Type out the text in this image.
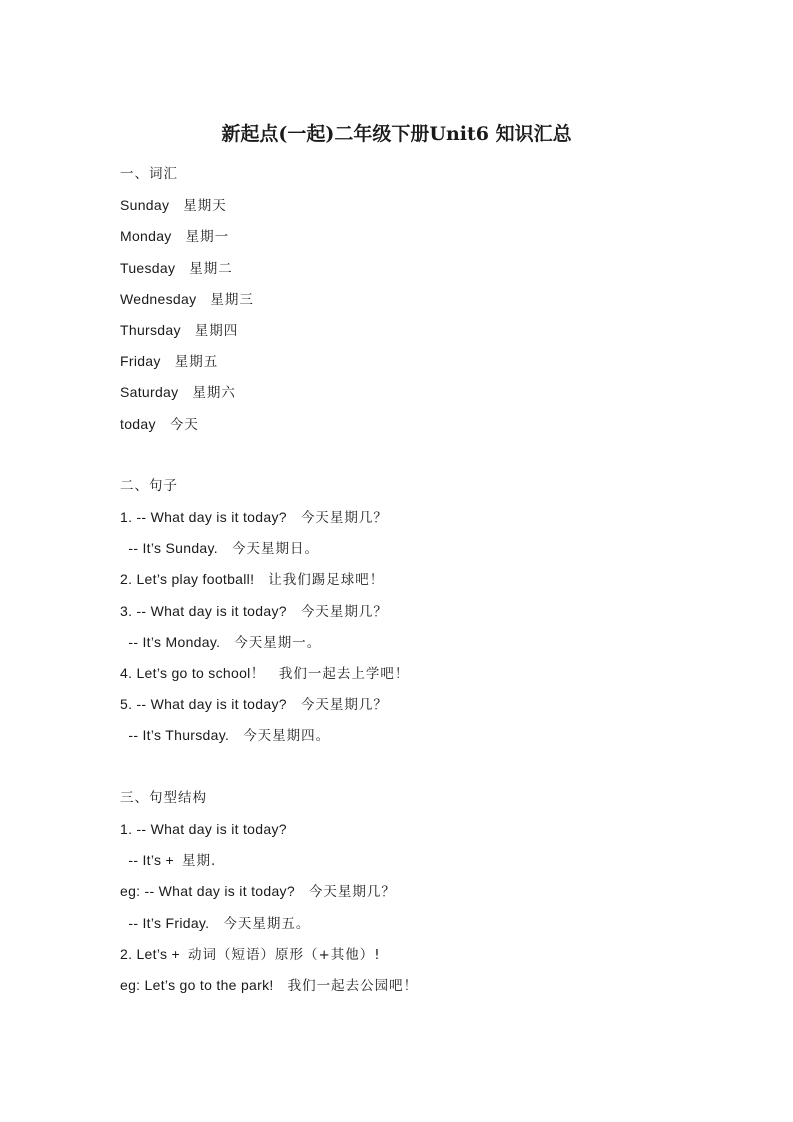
新起点(一起)二年级下册Unit6 知识汇总

一、词汇

Sunday 星期天

Monday 星期一

Tuesday 星期二

Wednesday 星期三

Thursday 星期四

Friday 星期五

Saturday 星期六

today 今天

二、句子

1. -- What day is it today? 今天星期几？

-- It’s Sunday. 今天星期日。

2. Let’s play football! 让我们踢足球吧！

3. -- What day is it today? 今天星期几？

-- It’s Monday. 今天星期一。

4. Let’s go to school！ 我们一起去上学吧！

5. -- What day is it today? 今天星期几？

-- It’s Thursday. 今天星期四。

三、句型结构

1. -- What day is it today?

-- It’s + 星期.

eg: -- What day is it today? 今天星期几？

-- It’s Friday. 今天星期五。

2. Let’s + 动词（短语）原形（+其他）!

eg: Let’s go to the park! 我们一起去公园吧！
